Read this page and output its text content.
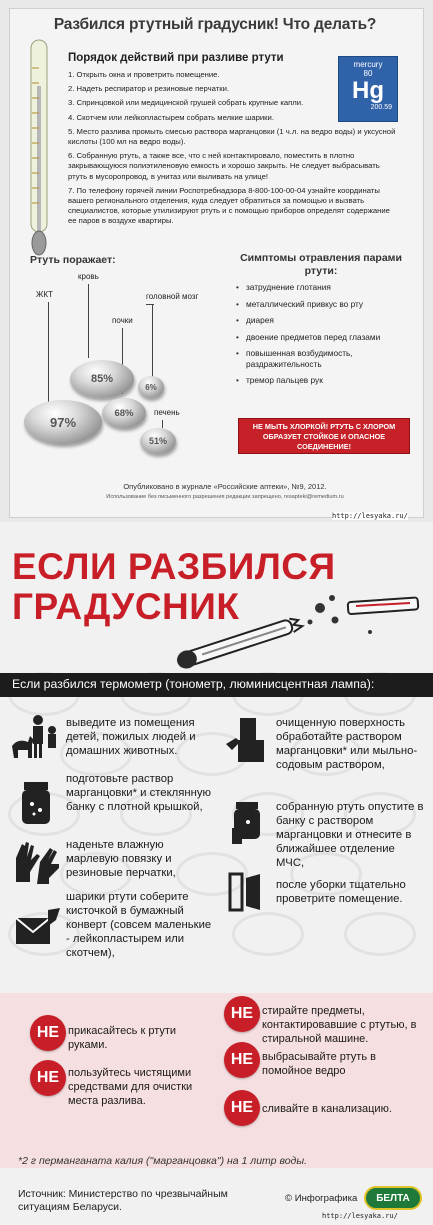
Разбился ртутный градусник! Что делать?
Порядок действий при разливе ртути
1. Открыть окна и проветрить помещение.
2. Надеть респиратор и резиновые перчатки.
3. Спринцовкой или медицинской грушей собрать крупные капли.
4. Скотчем или лейкопластырем собрать мелкие шарики.
5. Место разлива промыть смесью раствора марганцовки (1 ч.л. на ведро воды) и уксусной кислоты (100 мл на ведро воды).
6. Собранную ртуть, а также все, что с ней контактировало, поместить в плотно закрывающуюся полиэтиленовую емкость и хорошо закрыть. Не следует выбрасывать ртуть в мусоропровод, в унитаз или выливать на улице!
7. По телефону горячей линии Роспотребнадзора 8-800-100-00-04 узнайте координаты вашего регионального отделения, куда следует обратиться за помощью и вызвать специалистов, которые утилизируют ртуть и с помощью приборов определят содержание ее паров в воздухе квартиры.
mercury
80
Hg
200.59
Ртуть поражает:
ЖКТ
кровь
почки
головной мозг
печень
97%
85%
68%
6%
51%
Симптомы отравления парами ртути:
• затруднение глотания
• металлический привкус во рту
• диарея
• двоение предметов перед глазами
• повышенная возбудимость, раздражительность
• тремор пальцев рук
НЕ МЫТЬ ХЛОРКОЙ! РТУТЬ С ХЛОРОМ ОБРАЗУЕТ СТОЙКОЕ И ОПАСНОЕ СОЕДИНЕНИЕ!
Опубликовано в журнале «Российские аптеки», №9, 2012.
Использование без письменного разрешения редакции запрещено, resapteki@remedium.ru
http://lesyaka.ru/
ЕСЛИ РАЗБИЛСЯ
ГРАДУСНИК
Если разбился термометр (тонометр, люминисцентная лампа):
выведите из помещения детей, пожилых людей и домашних животных.
подготовьте раствор марганцовки* и стеклянную банку с плотной крышкой,
наденьте влажную марлевую повязку и резиновые перчатки,
шарики ртути соберите кисточкой в бумажный конверт (совсем маленькие - лейкопластырем или скотчем),
очищенную поверхность обработайте раствором марганцовки* или мыльно-содовым раствором,
собранную ртуть опустите в банку с раствором марганцовки и отнесите в ближайшее отделение МЧС,
после уборки тщательно проветрите помещение.
НЕ прикасайтесь к ртути руками.
НЕ пользуйтесь чистящими средствами для очистки места разлива.
НЕ стирайте предметы, контактировавшие с ртутью, в стиральной машине.
НЕ выбрасывайте ртуть в помойное ведро
НЕ сливайте в канализацию.
*2 г перманганата калия ("марганцовка") на 1 литр воды.
Источник: Министерство по чрезвычайным ситуациям Беларуси.
© Инфографика	БЕЛТА
http://lesyaka.ru/
